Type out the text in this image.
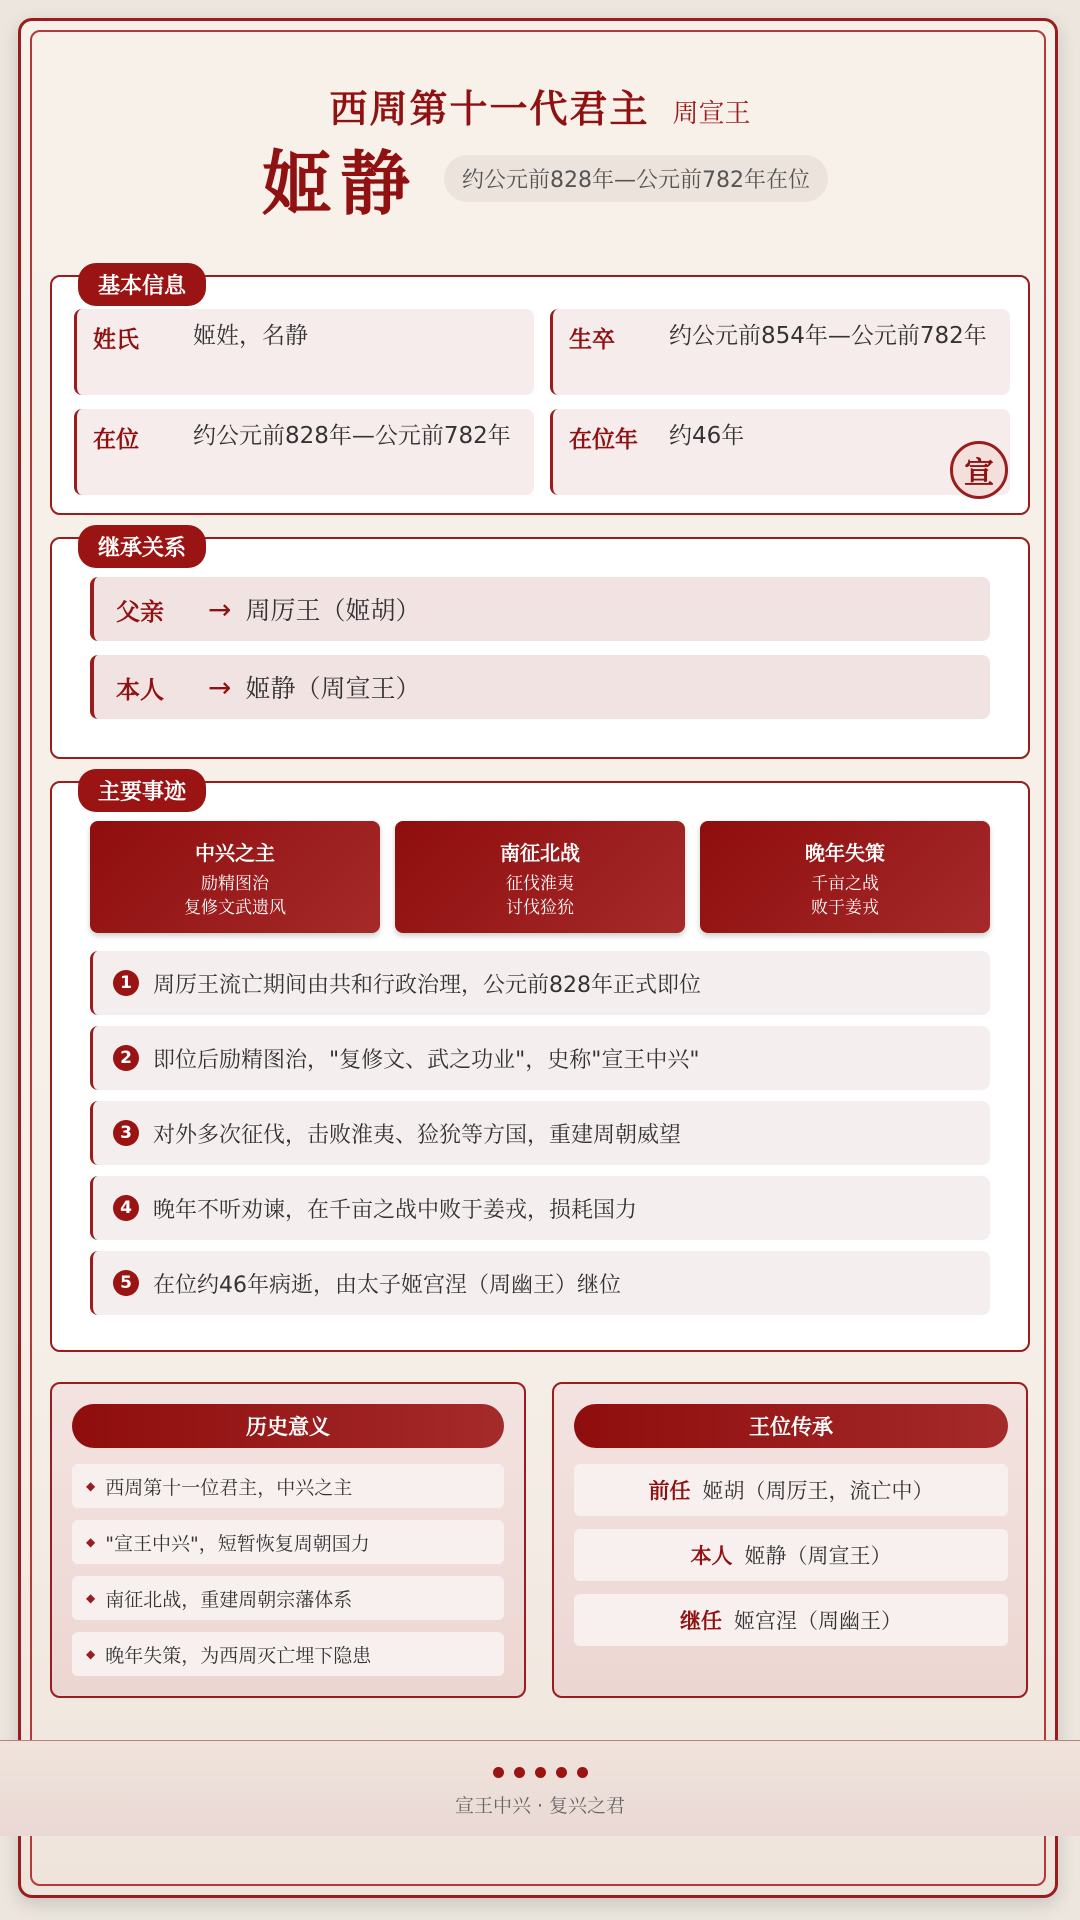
西周第十一代君主 周宣王
姬静	约公元前828年—公元前782年在位
基本信息
姓氏	姬姓，名静	生卒	约公元前854年—公元前782年
在位	约公元前828年—公元前782年	在位年	约46年
宣
继承关系
父亲	→ 周厉王（姬胡）
本人	→ 姬静（周宣王）
主要事迹
中兴之主
励精图治
复修文武遗风
南征北战
征伐淮夷
讨伐猃狁
晚年失策
千亩之战
败于姜戎
1 周厉王流亡期间由共和行政治理，公元前828年正式即位
2 即位后励精图治，"复修文、武之功业"，史称"宣王中兴"
3 对外多次征伐，击败淮夷、猃狁等方国，重建周朝威望
4 晚年不听劝谏，在千亩之战中败于姜戎，损耗国力
5 在位约46年病逝，由太子姬宫涅（周幽王）继位
历史意义
◆ 西周第十一位君主，中兴之主
◆ "宣王中兴"，短暂恢复周朝国力
◆ 南征北战，重建周朝宗藩体系
◆ 晚年失策，为西周灭亡埋下隐患
王位传承
前任 姬胡（周厉王，流亡中）
本人 姬静（周宣王）
继任 姬宫涅（周幽王）
宣王中兴 · 复兴之君
